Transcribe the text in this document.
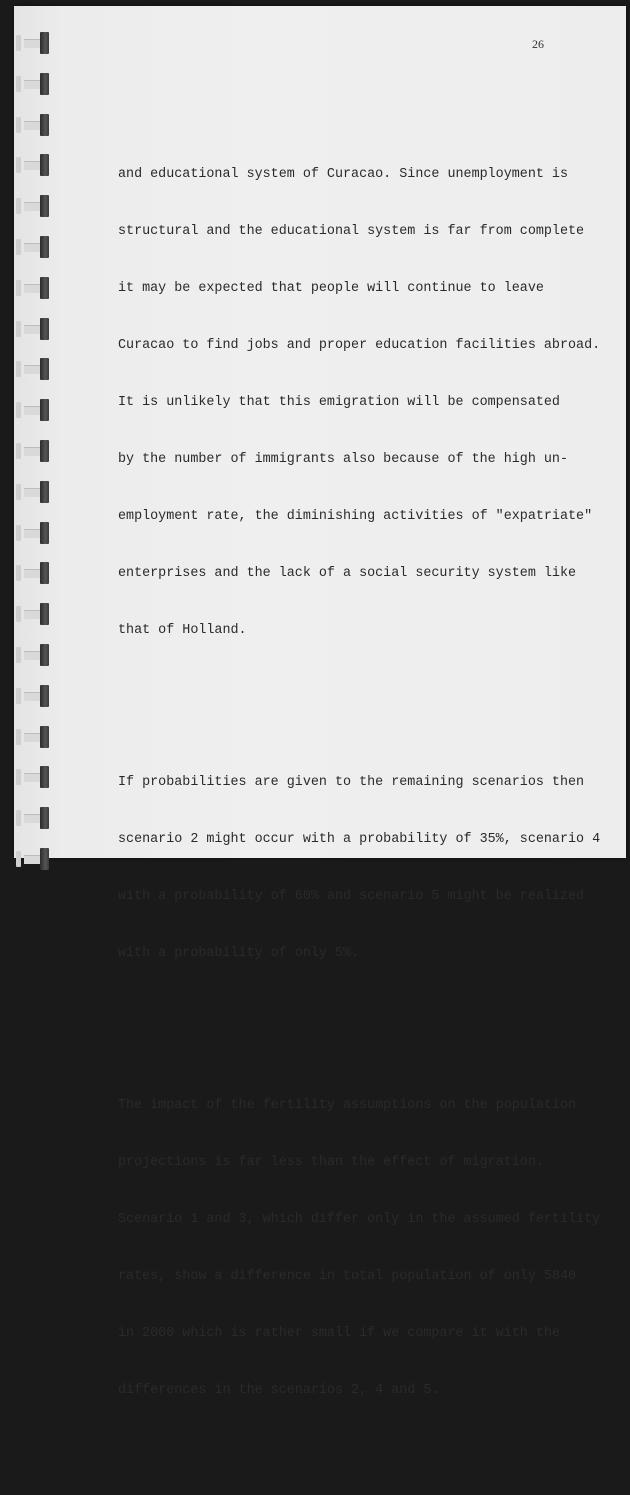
26

and educational system of Curacao. Since unemployment is

structural and the educational system is far from complete

it may be expected that people will continue to leave

Curacao to find jobs and proper education facilities abroad.

It is unlikely that this emigration will be compensated

by the number of immigrants also because of the high un-

employment rate, the diminishing activities of "expatriate"

enterprises and the lack of a social security system like

that of Holland.

If probabilities are given to the remaining scenarios then

scenario 2 might occur with a probability of 35%, scenario 4

with a probability of 60% and scenario 5 might be realized

with a probability of only 5%.

The impact of the fertility assumptions on the population

projections is far less than the effect of migration.

Scenario 1 and 3, which differ only in the assumed fertility

rates, show a difference in total population of only 5840

in 2000 which is rather small if we compare it with the

differences in the scenarios 2, 4 and 5.
